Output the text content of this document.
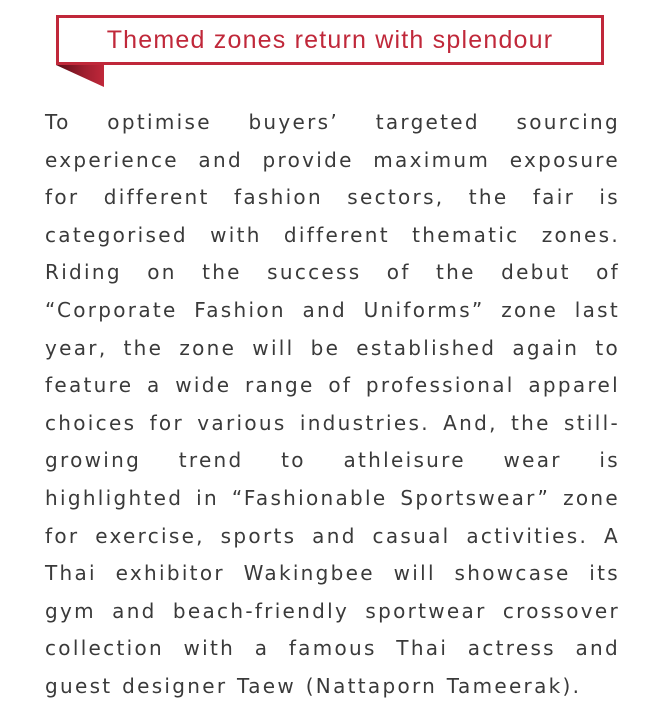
Themed zones return with splendour

To optimise buyers’ targeted sourcing experience and provide maximum exposure for different fashion sectors, the fair is categorised with different thematic zones. Riding on the success of the debut of “Corporate Fashion and Uniforms” zone last year, the zone will be established again to feature a wide range of professional apparel choices for various industries. And, the still-growing trend to athleisure wear is highlighted in “Fashionable Sportswear” zone for exercise, sports and casual activities. A Thai exhibitor Wakingbee will showcase its gym and beach-friendly sportwear crossover collection with a famous Thai actress and guest designer Taew (Nattaporn Tameerak).
